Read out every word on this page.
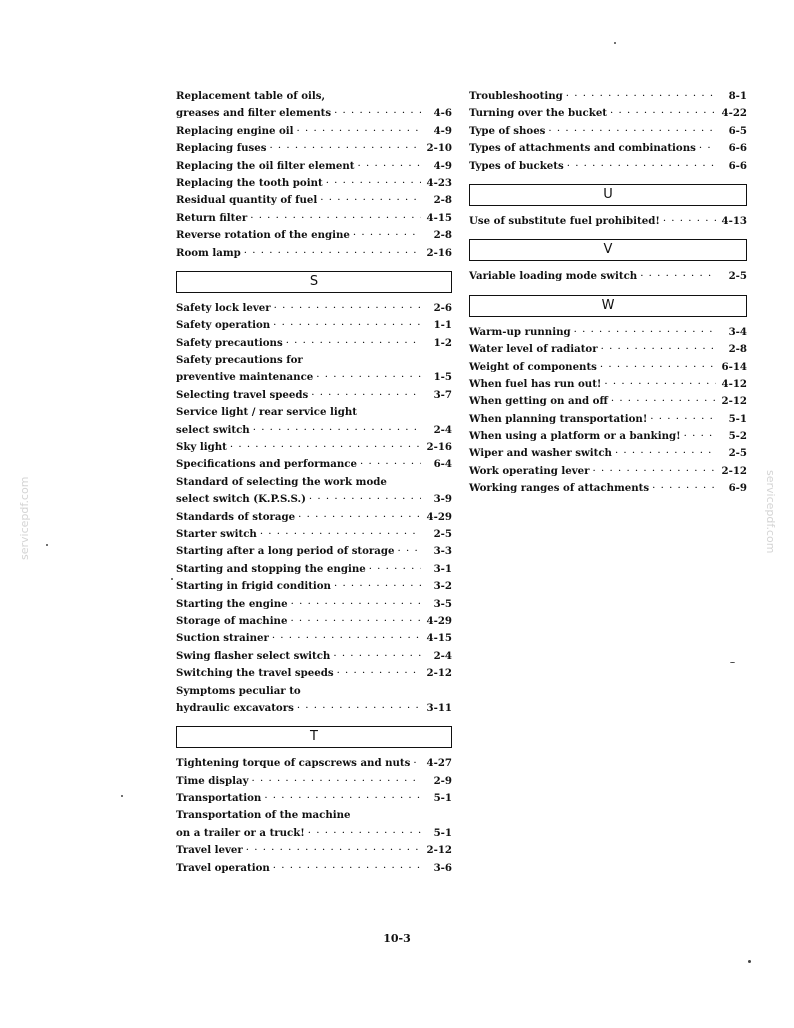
Replacement table of oils,
greases and filter elements · · ·	4-6
Replacing engine oil · · ·	4-9
Replacing fuses · · ·	2-10
Replacing the oil filter element · · ·	4-9
Replacing the tooth point · · ·	4-23
Residual quantity of fuel · · ·	2-8
Return filter · · ·	4-15
Reverse rotation of the engine · · ·	2-8
Room lamp · · ·	2-16
S
Safety lock lever · · ·	2-6
Safety operation · · ·	1-1
Safety precautions · · ·	1-2
Safety precautions for
preventive maintenance · · ·	1-5
Selecting travel speeds · · ·	3-7
Service light / rear service light
select switch · · ·	2-4
Sky light · · ·	2-16
Specifications and performance · · ·	6-4
Standard of selecting the work mode
select switch (K.P.S.S.) · · ·	3-9
Standards of storage · · ·	4-29
Starter switch · · ·	2-5
Starting after a long period of storage · · ·	3-3
Starting and stopping the engine · · ·	3-1
Starting in frigid condition · · ·	3-2
Starting the engine · · ·	3-5
Storage of machine · · ·	4-29
Suction strainer · · ·	4-15
Swing flasher select switch · · ·	2-4
Switching the travel speeds · · ·	2-12
Symptoms peculiar to
hydraulic excavators · · ·	3-11
T
Tightening torque of capscrews and nuts · · · 4-27
Time display · · ·	2-9
Transportation · · ·	5-1
Transportation of the machine
on a trailer or a truck! · · ·	5-1
Travel lever · · ·	2-12
Travel operation · · ·	3-6
Troubleshooting · · ·	8-1
Turning over the bucket · · ·	4-22
Type of shoes · · ·	6-5
Types of attachments and combinations · · ·	6-6
Types of buckets · · ·	6-6
U
Use of substitute fuel prohibited! · · ·	4-13
V
Variable loading mode switch · · ·	2-5
W
Warm-up running · · ·	3-4
Water level of radiator · · ·	2-8
Weight of components · · ·	6-14
When fuel has run out! · · ·	4-12
When getting on and off · · ·	2-12
When planning transportation! · · ·	5-1
When using a platform or a banking! · · ·	5-2
Wiper and washer switch · · ·	2-5
Work operating lever · · ·	2-12
Working ranges of attachments · · ·	6-9
10-3
servicepdf.com	servicepdf.com
